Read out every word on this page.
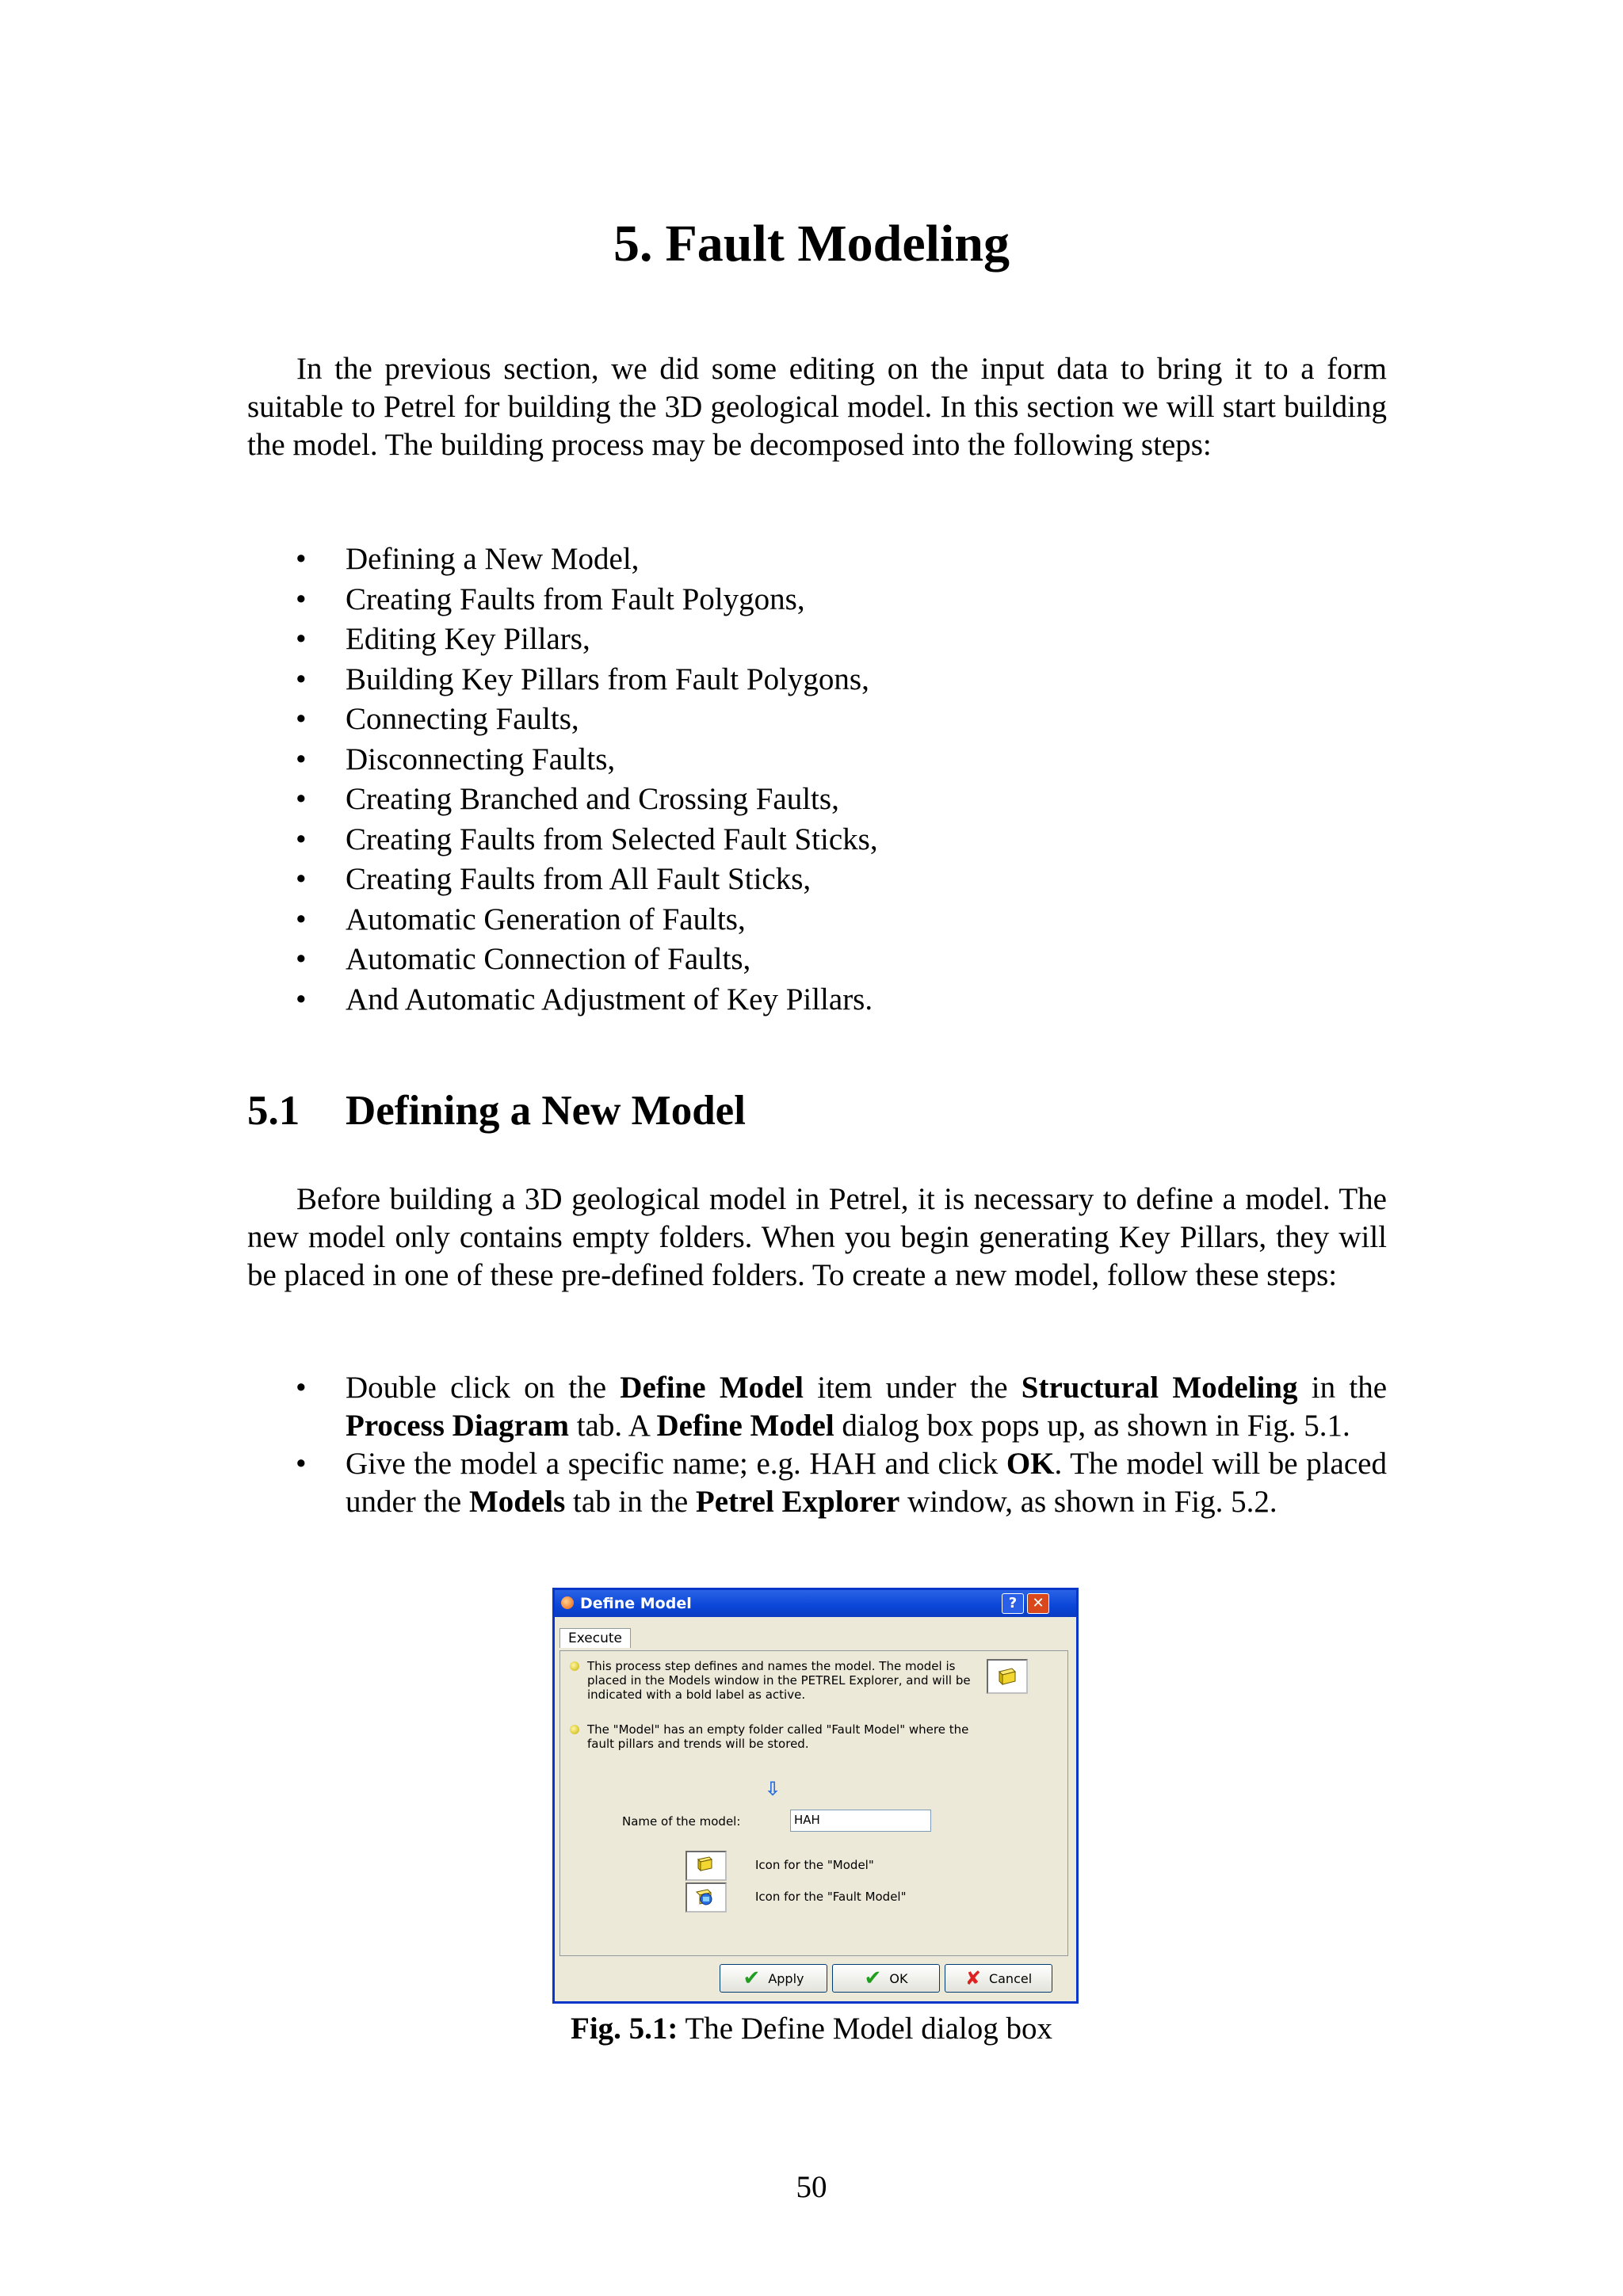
5. Fault Modeling

In the previous section, we did some editing on the input data to bring it to a form suitable to Petrel for building the 3D geological model. In this section we will start building the model. The building process may be decomposed into the following steps:

• Defining a New Model,
• Creating Faults from Fault Polygons,
• Editing Key Pillars,
• Building Key Pillars from Fault Polygons,
• Connecting Faults,
• Disconnecting Faults,
• Creating Branched and Crossing Faults,
• Creating Faults from Selected Fault Sticks,
• Creating Faults from All Fault Sticks,
• Automatic Generation of Faults,
• Automatic Connection of Faults,
• And Automatic Adjustment of Key Pillars.
5.1 Defining a New Model

Before building a 3D geological model in Petrel, it is necessary to define a model. The new model only contains empty folders. When you begin generating Key Pillars, they will be placed in one of these pre-defined folders. To create a new model, follow these steps:

• Double click on the Define Model item under the Structural Modeling in the Process Diagram tab. A Define Model dialog box pops up, as shown in Fig. 5.1.
• Give the model a specific name; e.g. HAH and click OK. The model will be placed under the Models tab in the Petrel Explorer window, as shown in Fig. 5.2.
Define Model	?	✕
Execute
This process step defines and names the model. The model is placed in the Models window in the PETREL Explorer, and will be indicated with a bold label as active.
The "Model" has an empty folder called "Fault Model" where the fault pillars and trends will be stored.
⇩
Name of the model:	HAH
Icon for the "Model"
Icon for the "Fault Model"
✔ Apply	✔ OK	✘ Cancel
Fig. 5.1: The Define Model dialog box
50
